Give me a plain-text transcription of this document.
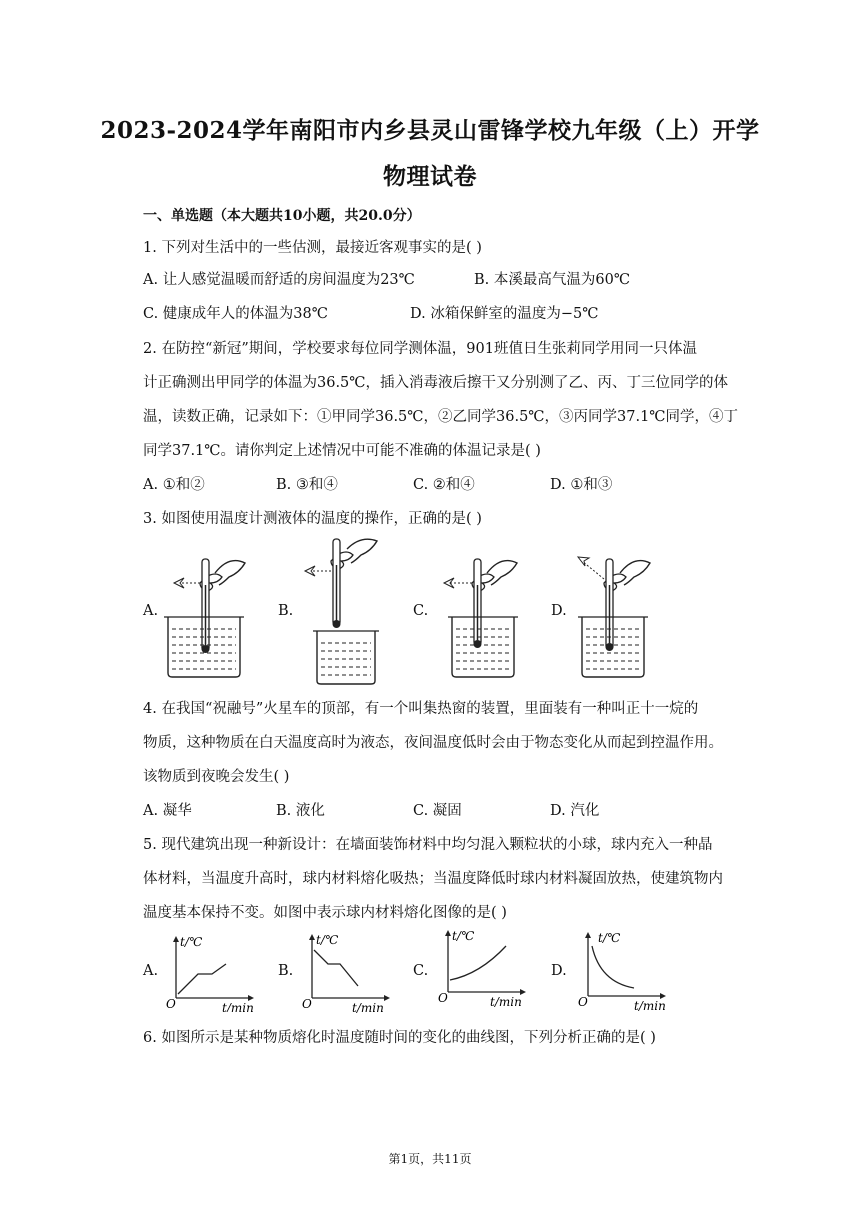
2023-2024学年南阳市内乡县灵山雷锋学校九年级（上）开学
物理试卷
一、单选题（本大题共10小题，共20.0分）
1. 下列对生活中的一些估测，最接近客观事实的是( )
A. 让人感觉温暖而舒适的房间温度为23℃	B. 本溪最高气温为60℃
C. 健康成年人的体温为38℃	D. 冰箱保鲜室的温度为−5℃
2. 在防控“新冠”期间，学校要求每位同学测体温，901班值日生张莉同学用同一只体温
计正确测出甲同学的体温为36.5℃，插入消毒液后擦干又分别测了乙、丙、丁三位同学的体
温，读数正确，记录如下：①甲同学36.5℃，②乙同学36.5℃，③丙同学37.1℃同学，④丁
同学37.1℃。请你判定上述情况中可能不准确的体温记录是( )
A. ①和②	B. ③和④	C. ②和④	D. ①和③
3. 如图使用温度计测液体的温度的操作，正确的是( )
A.	B.	C.	D.
4. 在我国“祝融号”火星车的顶部，有一个叫集热窗的装置，里面装有一种叫正十一烷的
物质，这种物质在白天温度高时为液态，夜间温度低时会由于物态变化从而起到控温作用。
该物质到夜晚会发生( )
A. 凝华	B. 液化	C. 凝固	D. 汽化
5. 现代建筑出现一种新设计：在墙面装饰材料中均匀混入颗粒状的小球，球内充入一种晶
体材料，当温度升高时，球内材料熔化吸热；当温度降低时球内材料凝固放热，使建筑物内
温度基本保持不变。如图中表示球内材料熔化图像的是( )
A.	B.	C.	D.
t/℃
O	t/min
t/℃
O	t/min
t/℃
O	t/min
t/℃
O	t/min
6. 如图所示是某种物质熔化时温度随时间的变化的曲线图，下列分析正确的是( )
第1页，共11页
